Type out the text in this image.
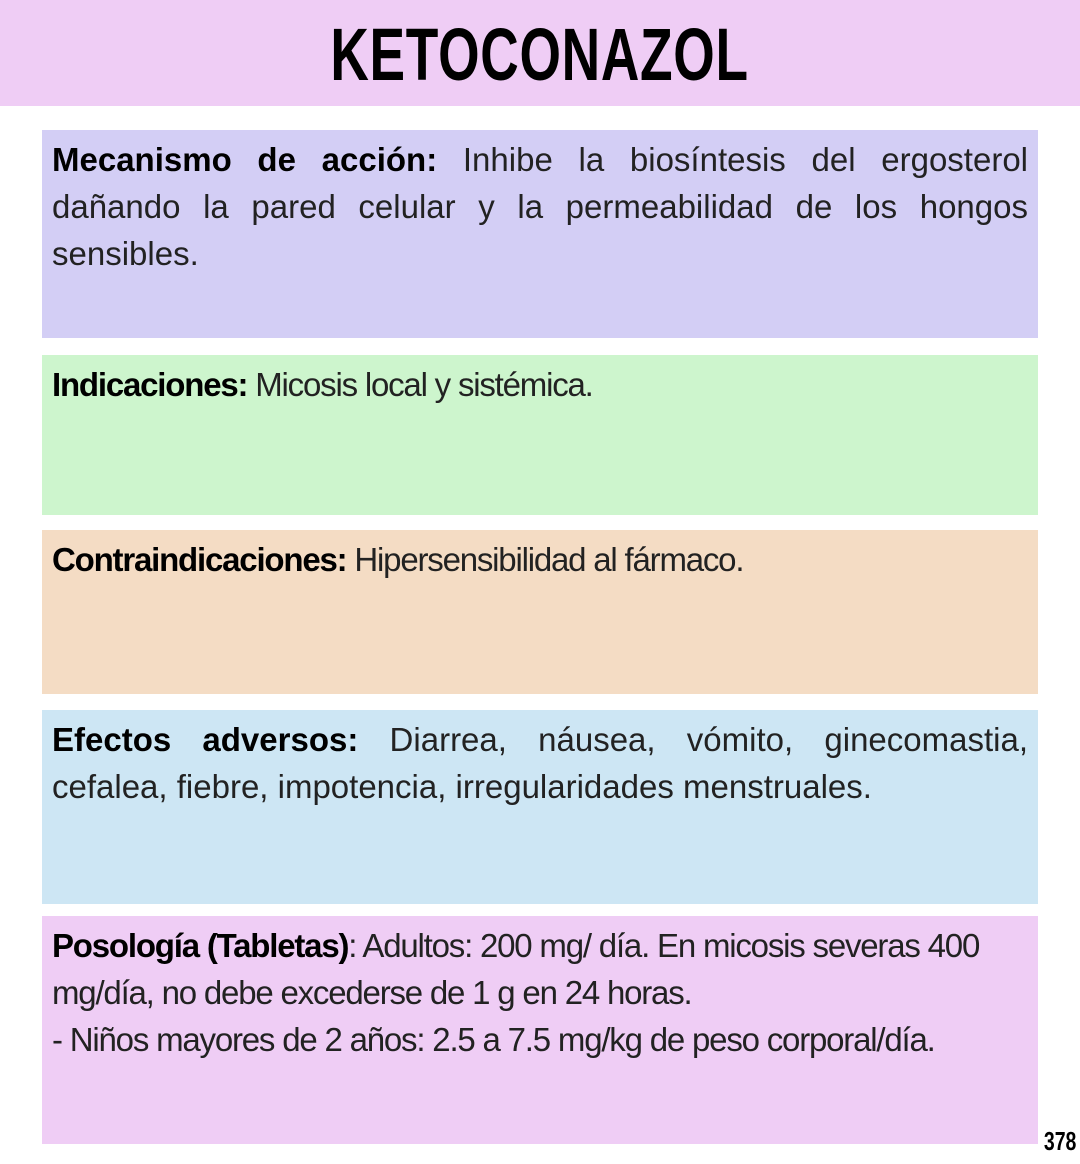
KETOCONAZOL
Mecanismo de acción: Inhibe la biosíntesis del ergosterol dañando la pared celular y la permeabilidad de los hongos sensibles.
Indicaciones: Micosis local y sistémica.
Contraindicaciones: Hipersensibilidad al fármaco.
Efectos adversos: Diarrea, náusea, vómito, ginecomastia, cefalea, fiebre, impotencia, irregularidades menstruales.
Posología (Tabletas): Adultos: 200 mg/ día. En micosis severas 400 mg/día, no debe excederse de 1 g en 24 horas.
- Niños mayores de 2 años: 2.5 a 7.5 mg/kg de peso corporal/día.
378
